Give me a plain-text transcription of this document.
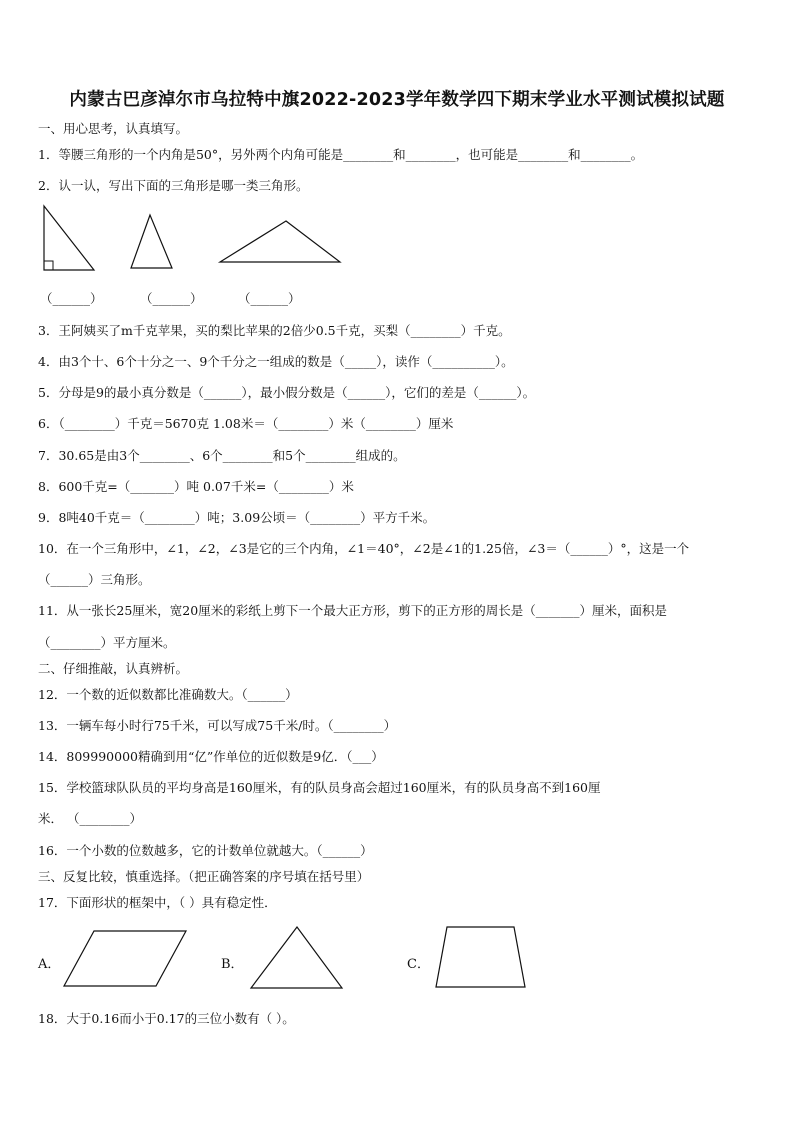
内蒙古巴彦淖尔市乌拉特中旗2022-2023学年数学四下期末学业水平测试模拟试题
一、用心思考，认真填写。
1．等腰三角形的一个内角是50°，另外两个内角可能是________和________，也可能是________和________。
2．认一认，写出下面的三角形是哪一类三角形。
（______）	（______）	（______）
3．王阿姨买了m千克苹果，买的梨比苹果的2倍少0.5千克，买梨（________）千克。
4．由3个十、6个十分之一、9个千分之一组成的数是（_____），读作（__________）。
5．分母是9的最小真分数是（______），最小假分数是（______），它们的差是（______）。
6．（________）千克＝5670克 1.08米＝（________）米（________）厘米
7．30.65是由3个________、6个________和5个________组成的。
8．600千克=（_______）吨 0.07千米=（________）米
9．8吨40千克＝（________）吨；3.09公顷＝（________）平方千米。
10．在一个三角形中，∠1，∠2，∠3是它的三个内角，∠1＝40°，∠2是∠1的1.25倍，∠3＝（______）°，这是一个
（______）三角形。
11．从一张长25厘米，宽20厘米的彩纸上剪下一个最大正方形，剪下的正方形的周长是（_______）厘米，面积是
（________）平方厘米。
二、仔细推敲，认真辨析。
12．一个数的近似数都比准确数大。（______）
13．一辆车每小时行75千米，可以写成75千米/时。（________）
14．809990000精确到用“亿”作单位的近似数是9亿．（___）
15．学校篮球队队员的平均身高是160厘米，有的队员身高会超过160厘米，有的队员身高不到160厘
米． （________）
16．一个小数的位数越多，它的计数单位就越大。（______）
三、反复比较，慎重选择。（把正确答案的序号填在括号里）
17．下面形状的框架中，（ ）具有稳定性．
A．	B．	C．
18．大于0.16而小于0.17的三位小数有（ ）。
